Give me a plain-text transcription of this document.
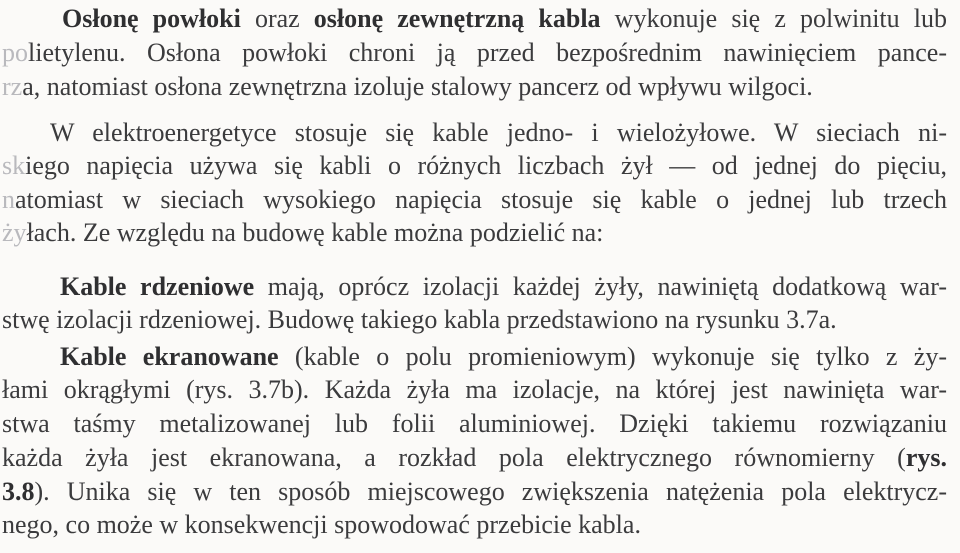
Osłonę powłoki oraz osłonę zewnętrzną kabla wykonuje się z polwinitu lub
polietylenu. Osłona powłoki chroni ją przed bezpośrednim nawinięciem pance-
rza, natomiast osłona zewnętrzna izoluje stalowy pancerz od wpływu wilgoci.
W elektroenergetyce stosuje się kable jedno- i wielożyłowe. W sieciach ni-
skiego napięcia używa się kabli o różnych liczbach żył — od jednej do pięciu,
natomiast w sieciach wysokiego napięcia stosuje się kable o jednej lub trzech
żyłach. Ze względu na budowę kable można podzielić na:
Kable rdzeniowe mają, oprócz izolacji każdej żyły, nawiniętą dodatkową war-
stwę izolacji rdzeniowej. Budowę takiego kabla przedstawiono na rysunku 3.7a.
Kable ekranowane (kable o polu promieniowym) wykonuje się tylko z ży-
łami okrągłymi (rys. 3.7b). Każda żyła ma izolacje, na której jest nawinięta war-
stwa taśmy metalizowanej lub folii aluminiowej. Dzięki takiemu rozwiązaniu
każda żyła jest ekranowana, a rozkład pola elektrycznego równomierny (rys.
3.8). Unika się w ten sposób miejscowego zwiększenia natężenia pola elektrycz-
nego, co może w konsekwencji spowodować przebicie kabla.
